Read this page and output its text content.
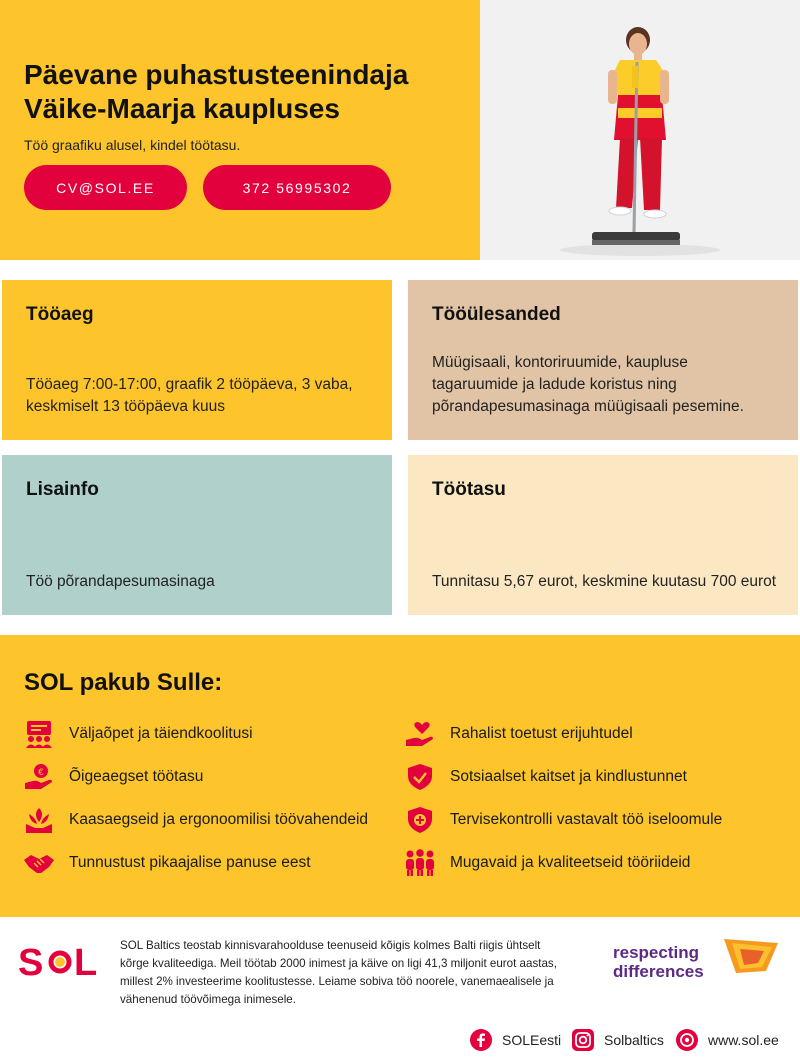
Päevane puhastusteenindaja
Väike-Maarja kaupluses

Töö graafiku alusel, kindel töötasu.

CV@SOL.EE	372 56995302
Tööaeg

Tööaeg 7:00-17:00, graafik 2 tööpäeva, 3 vaba, keskmiselt 13 tööpäeva kuus

Tööülesanded

Müügisaali, kontoriruumide, kaupluse tagaruumide ja ladude koristus ning põrandapesumasinaga müügisaali pesemine.

Lisainfo

Töö põrandapesumasinaga

Töötasu

Tunnitasu 5,67 eurot, keskmine kuutasu 700 eurot

SOL pakub Sulle:
Väljaõpet ja täiendkoolitusi
€ Õigeaegset töötasu
Kaasaegseid ja ergonoomilisi töövahendeid
Tunnustust pikaajalise panuse eest
Rahalist toetust erijuhtudel
Sotsiaalset kaitset ja kindlustunnet
Tervisekontrolli vastavalt töö iseloomule
Mugavaid ja kvaliteetseid tööriideid
S L SOL Baltics teostab kinnisvarahoolduse teenuseid kõigis kolmes Balti riigis ühtselt kõrge kvaliteediga. Meil töötab 2000 inimest ja käive on ligi 41,3 miljonit eurot aastas, millest 2% investeerime koolitustesse. Leiame sobiva töö noorele, vanemaealisele ja vähenenud töövõimega inimesele.

respecting
differences
SOLEesti	Solbaltics	www.sol.ee
